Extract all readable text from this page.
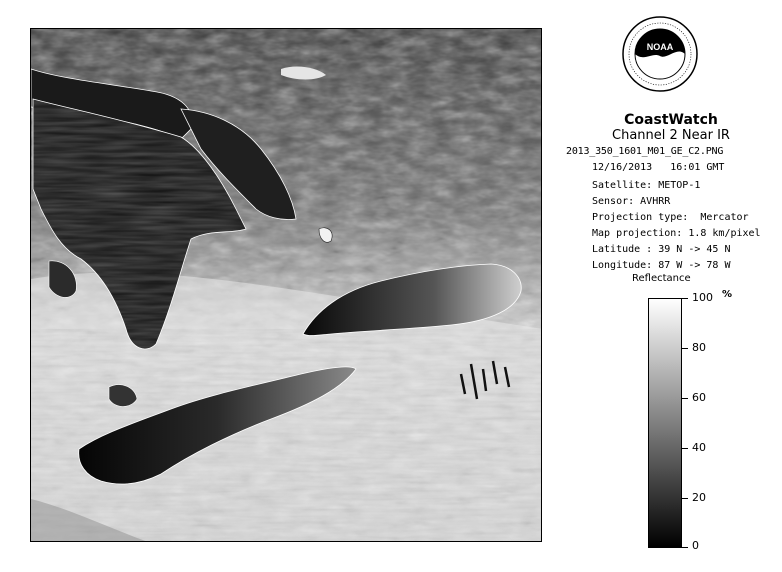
NOAA
CoastWatch
Channel 2 Near IR
2013_350_1601_M01_GE_C2.PNG
12/16/2013   16:01 GMT
Satellite: METOP-1
Sensor: AVHRR
Projection type:  Mercator
Map projection: 1.8 km/pixel
Latitude : 39 N -> 45 N
Longitude: 87 W -> 78 W
Reflectance
%
100
80
60
40
20
0
